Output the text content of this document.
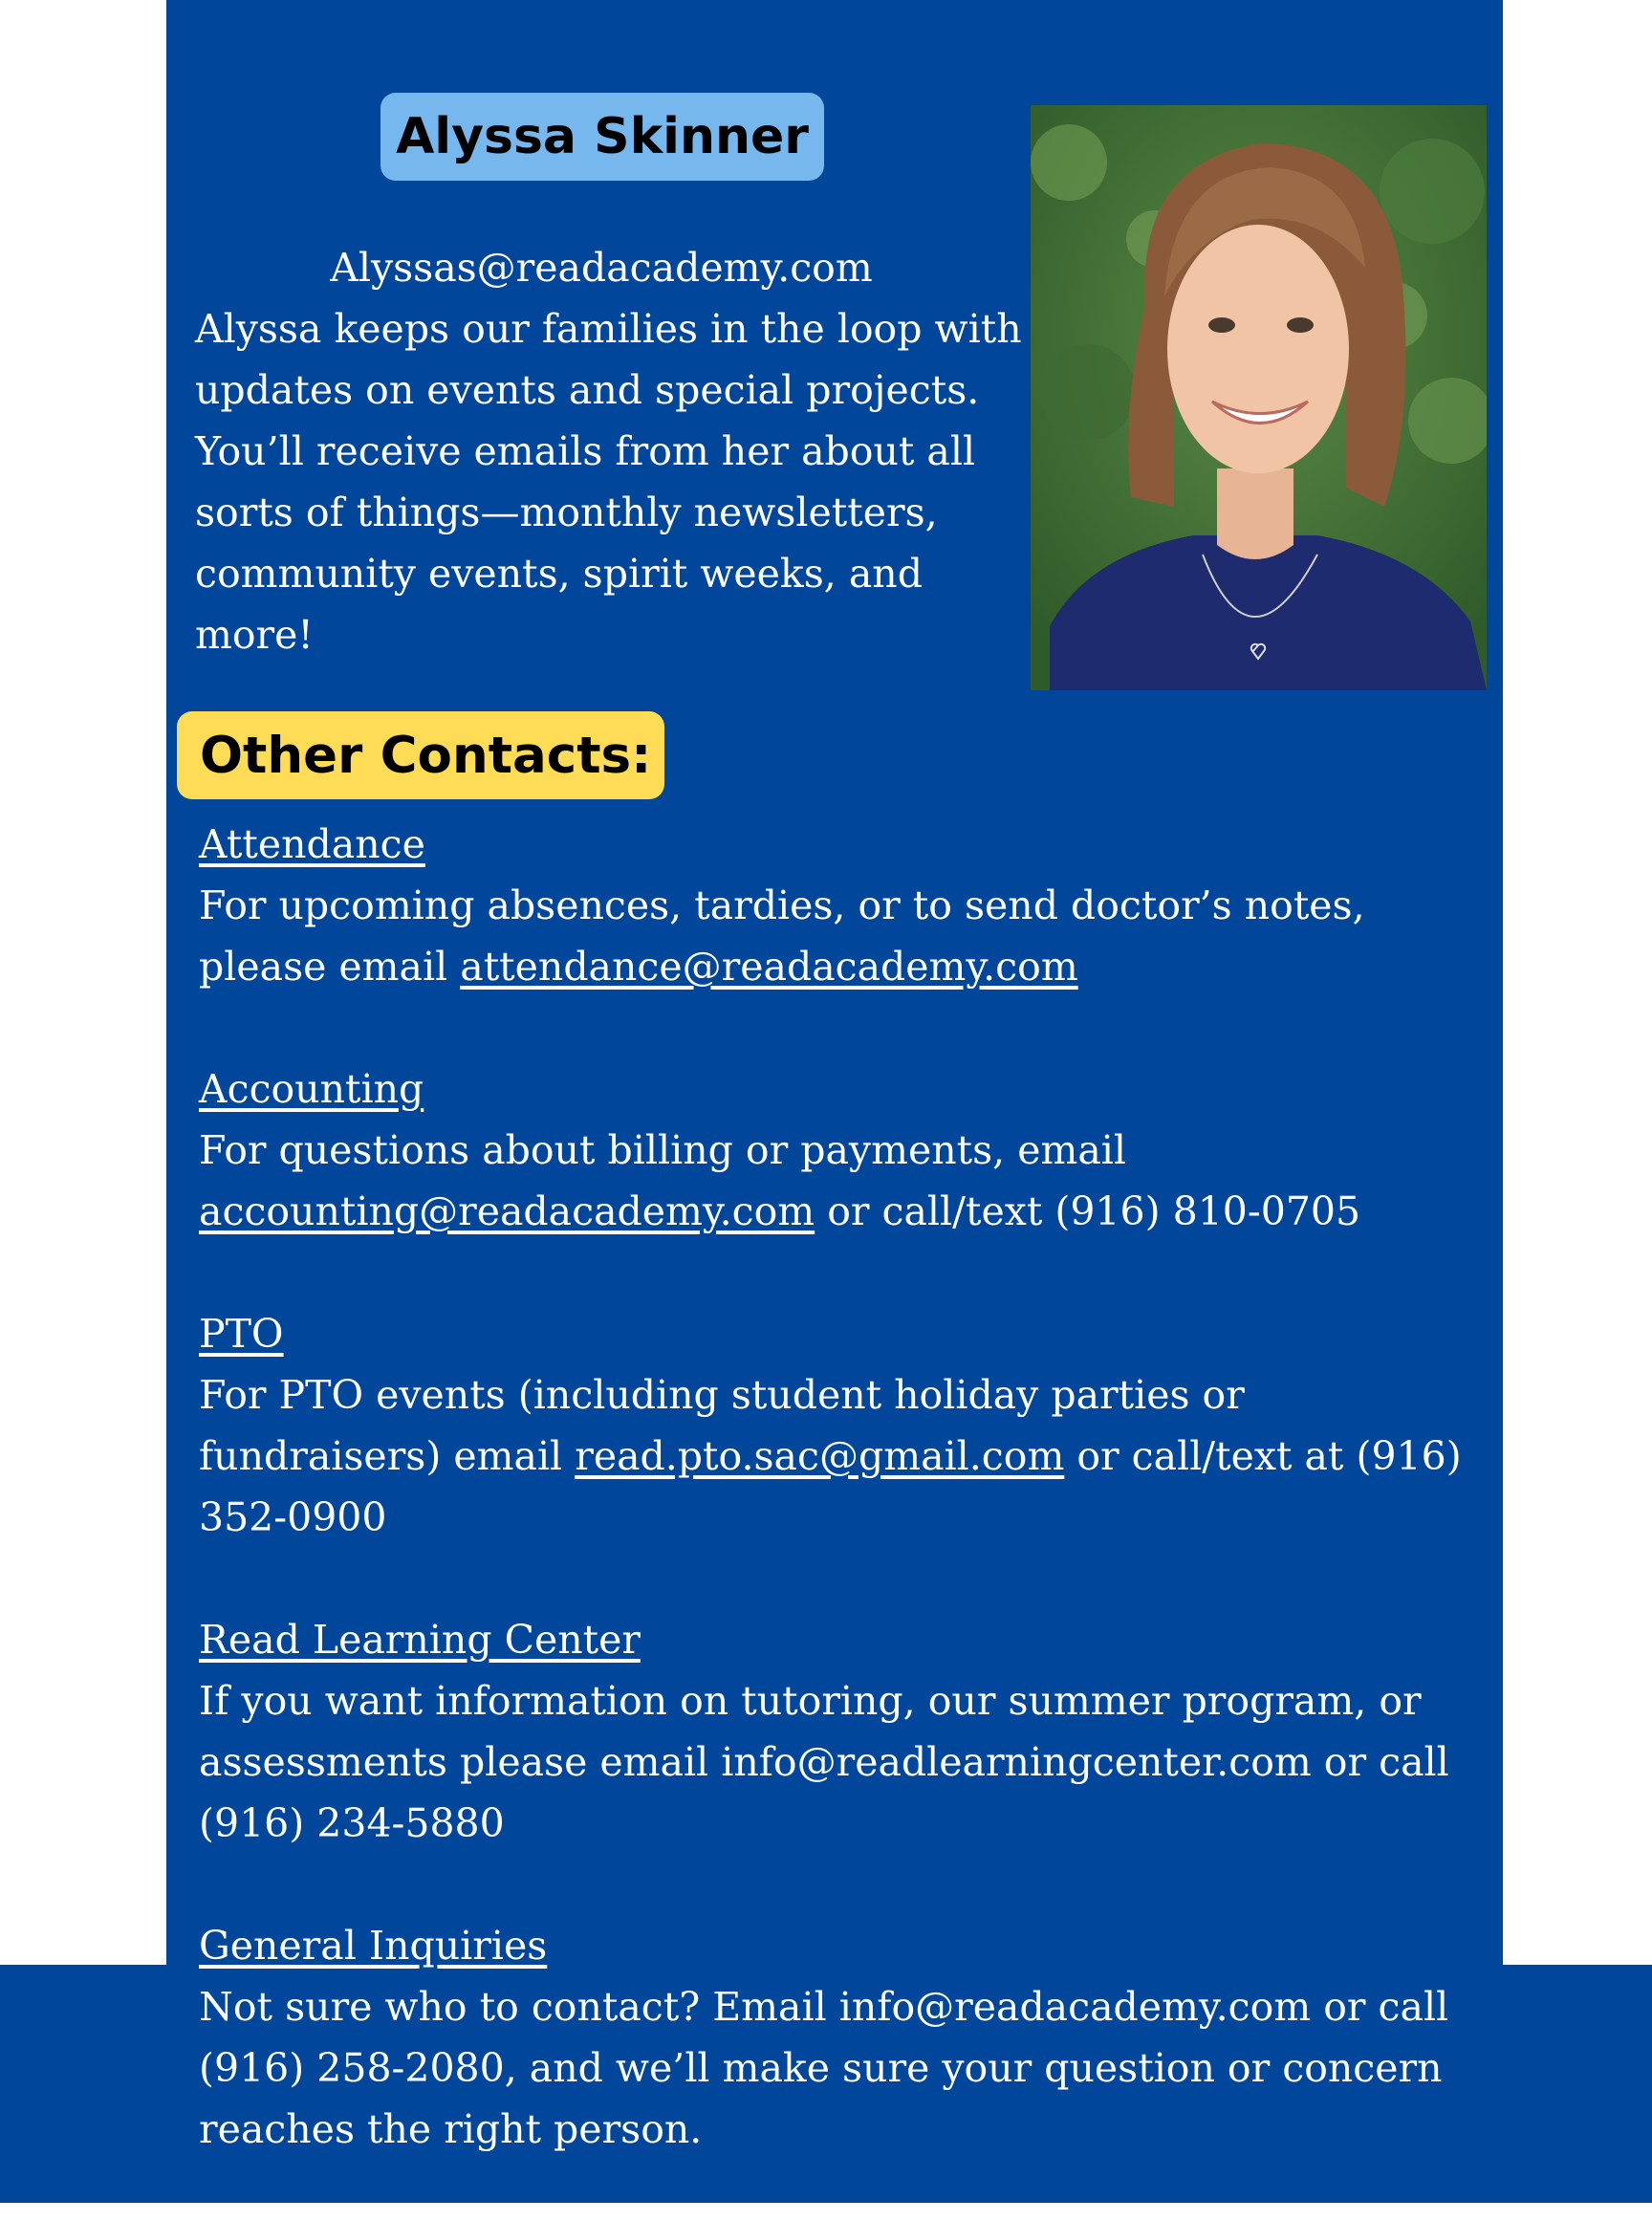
Alyssa Skinner
Alyssas@readacademy.com
Alyssa keeps our families in the loop with updates on events and special projects. You’ll receive emails from her about all sorts of things—monthly newsletters, community events, spirit weeks, and more!
Other Contacts:
Attendance
For upcoming absences, tardies, or to send doctor’s notes, please email attendance@readacademy.com
Accounting
For questions about billing or payments, email accounting@readacademy.com or call/text (916) 810-0705
PTO
For PTO events (including student holiday parties or fundraisers) email read.pto.sac@gmail.com or call/text at (916) 352-0900
Read Learning Center
If you want information on tutoring, our summer program, or assessments please email info@readlearningcenter.com or call (916) 234-5880
General Inquiries
Not sure who to contact? Email info@readacademy.com or call (916) 258-2080, and we’ll make sure your question or concern reaches the right person.
